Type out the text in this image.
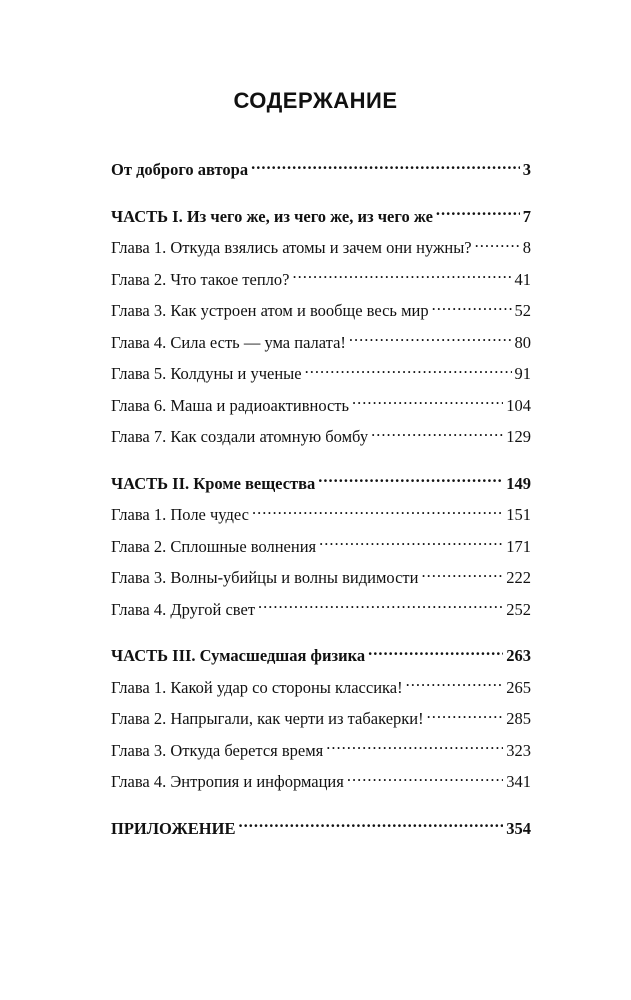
СОДЕРЖАНИЕ
От доброго автора .....	3
ЧАСТЬ I. Из чего же, из чего же, из чего же .....	7
Глава 1. Откуда взялись атомы и зачем они нужны? .....	8
Глава 2. Что такое тепло? .....	41
Глава 3. Как устроен атом и вообще весь мир .....	52
Глава 4. Сила есть — ума палата! .....	80
Глава 5. Колдуны и ученые .....	91
Глава 6. Маша и радиоактивность .....	104
Глава 7. Как создали атомную бомбу .....	129
ЧАСТЬ II. Кроме вещества .....	149
Глава 1. Поле чудес .....	151
Глава 2. Сплошные волнения .....	171
Глава 3. Волны-убийцы и волны видимости .....	222
Глава 4. Другой свет .....	252
ЧАСТЬ III. Сумасшедшая физика .....	263
Глава 1. Какой удар со стороны классика! .....	265
Глава 2. Напрыгали, как черти из табакерки! .....	285
Глава 3. Откуда берется время .....	323
Глава 4. Энтропия и информация .....	341
ПРИЛОЖЕНИЕ .....	354
